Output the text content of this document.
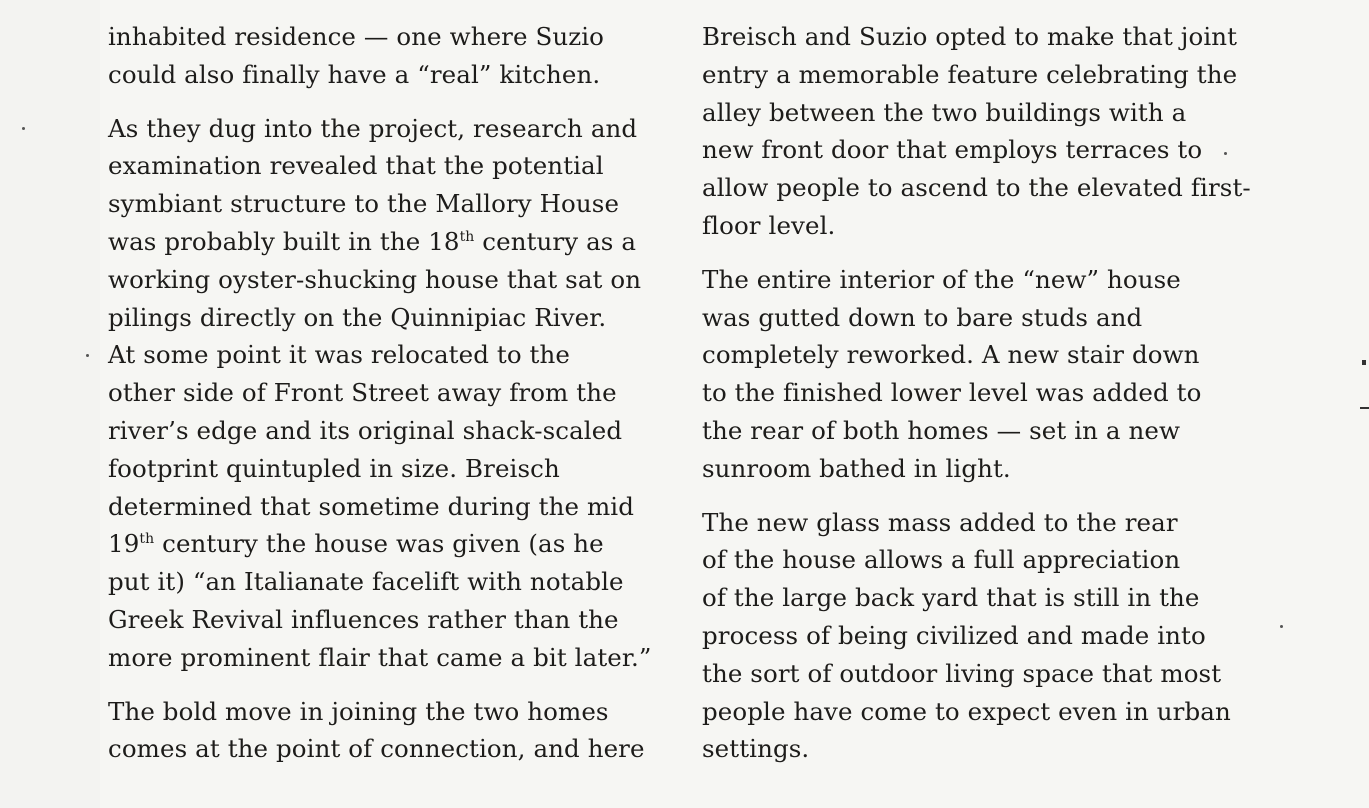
inhabited residence — one where Suzio
could also finally have a “real” kitchen.

As they dug into the project, research and
examination revealed that the potential
symbiant structure to the Mallory House
was probably built in the 18th century as a
working oyster-shucking house that sat on
pilings directly on the Quinnipiac River.
At some point it was relocated to the
other side of Front Street away from the
river’s edge and its original shack-scaled
footprint quintupled in size. Breisch
determined that sometime during the mid
19th century the house was given (as he
put it) “an Italianate facelift with notable
Greek Revival influences rather than the
more prominent flair that came a bit later.”

The bold move in joining the two homes
comes at the point of connection, and here

Breisch and Suzio opted to make that joint
entry a memorable feature celebrating the
alley between the two buildings with a
new front door that employs terraces to
allow people to ascend to the elevated first-
floor level.

The entire interior of the “new” house
was gutted down to bare studs and
completely reworked. A new stair down
to the finished lower level was added to
the rear of both homes — set in a new
sunroom bathed in light.

The new glass mass added to the rear
of the house allows a full appreciation
of the large back yard that is still in the
process of being civilized and made into
the sort of outdoor living space that most
people have come to expect even in urban
settings.
